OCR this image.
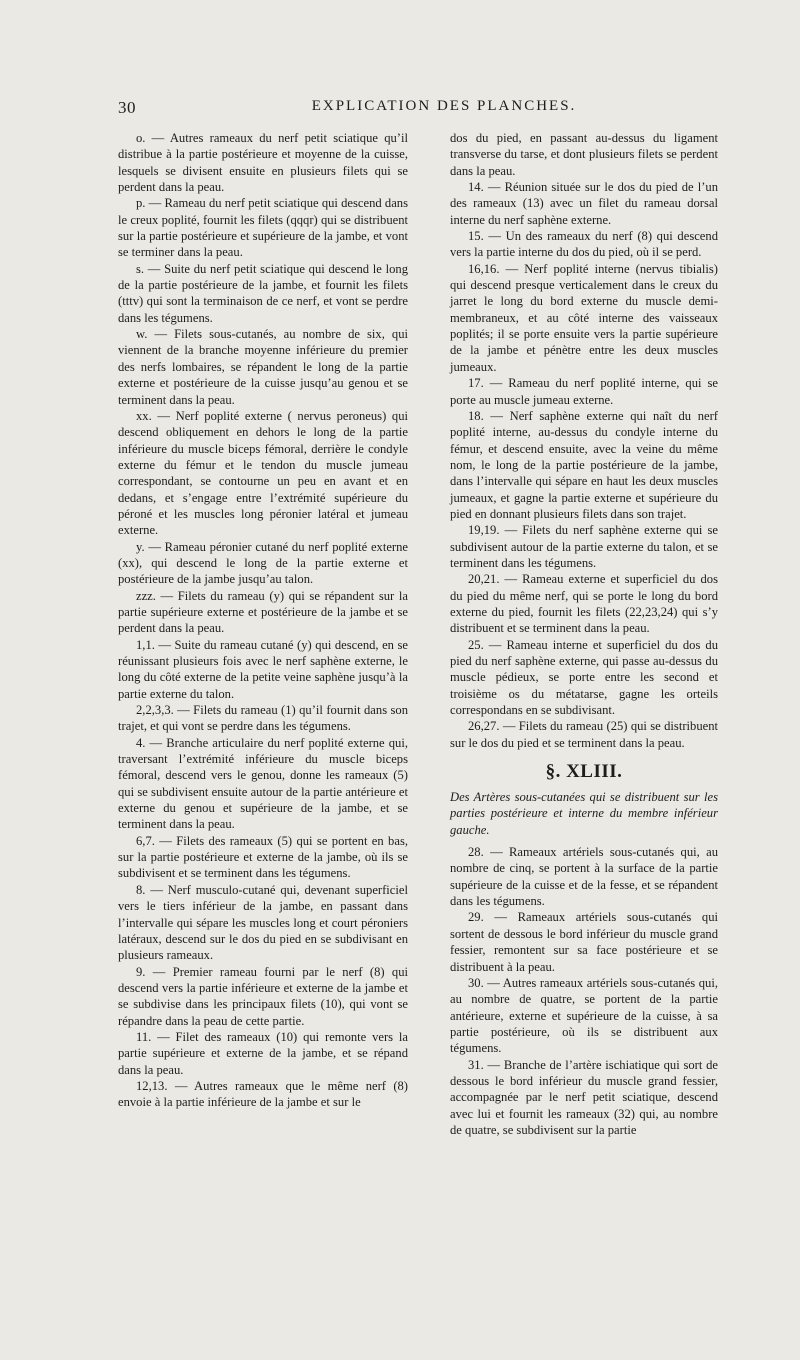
30	EXPLICATION DES PLANCHES.

o. — Autres rameaux du nerf petit sciatique qu’il distribue à la partie postérieure et moyenne de la cuisse, lesquels se divisent ensuite en plusieurs filets qui se perdent dans la peau.

p. — Rameau du nerf petit sciatique qui descend dans le creux poplité, fournit les filets (qqqr) qui se distribuent sur la partie postérieure et supérieure de la jambe, et vont se terminer dans la peau.

s. — Suite du nerf petit sciatique qui descend le long de la partie postérieure de la jambe, et fournit les filets (tttv) qui sont la terminaison de ce nerf, et vont se perdre dans les tégumens.

w. — Filets sous-cutanés, au nombre de six, qui viennent de la branche moyenne inférieure du premier des nerfs lombaires, se répandent le long de la partie externe et postérieure de la cuisse jusqu’au genou et se terminent dans la peau.

xx. — Nerf poplité externe ( nervus peroneus) qui descend obliquement en dehors le long de la partie inférieure du muscle biceps fémoral, derrière le condyle externe du fémur et le tendon du muscle jumeau correspondant, se contourne un peu en avant et en dedans, et s’engage entre l’extrémité supérieure du péroné et les muscles long péronier latéral et jumeau externe.

y. — Rameau péronier cutané du nerf poplité externe (xx), qui descend le long de la partie externe et postérieure de la jambe jusqu’au talon.

zzz. — Filets du rameau (y) qui se répandent sur la partie supérieure externe et postérieure de la jambe et se perdent dans la peau.

1,1. — Suite du rameau cutané (y) qui descend, en se réunissant plusieurs fois avec le nerf saphène externe, le long du côté externe de la petite veine saphène jusqu’à la partie externe du talon.

2,2,3,3. — Filets du rameau (1) qu’il fournit dans son trajet, et qui vont se perdre dans les tégumens.

4. — Branche articulaire du nerf poplité externe qui, traversant l’extrémité inférieure du muscle biceps fémoral, descend vers le genou, donne les rameaux (5) qui se subdivisent ensuite autour de la partie antérieure et externe du genou et supérieure de la jambe, et se terminent dans la peau.

6,7. — Filets des rameaux (5) qui se portent en bas, sur la partie postérieure et externe de la jambe, où ils se subdivisent et se terminent dans les tégumens.

8. — Nerf musculo-cutané qui, devenant superficiel vers le tiers inférieur de la jambe, en passant dans l’intervalle qui sépare les muscles long et court péroniers latéraux, descend sur le dos du pied en se subdivisant en plusieurs rameaux.

9. — Premier rameau fourni par le nerf (8) qui descend vers la partie inférieure et externe de la jambe et se subdivise dans les principaux filets (10), qui vont se répandre dans la peau de cette partie.

11. — Filet des rameaux (10) qui remonte vers la partie supérieure et externe de la jambe, et se répand dans la peau.

12,13. — Autres rameaux que le même nerf (8) envoie à la partie inférieure de la jambe et sur le

dos du pied, en passant au-dessus du ligament transverse du tarse, et dont plusieurs filets se perdent dans la peau.

14. — Réunion située sur le dos du pied de l’un des rameaux (13) avec un filet du rameau dorsal interne du nerf saphène externe.

15. — Un des rameaux du nerf (8) qui descend vers la partie interne du dos du pied, où il se perd.

16,16. — Nerf poplité interne (nervus tibialis) qui descend presque verticalement dans le creux du jarret le long du bord externe du muscle demi-membraneux, et au côté interne des vaisseaux poplités; il se porte ensuite vers la partie supérieure de la jambe et pénètre entre les deux muscles jumeaux.

17. — Rameau du nerf poplité interne, qui se porte au muscle jumeau externe.

18. — Nerf saphène externe qui naît du nerf poplité interne, au-dessus du condyle interne du fémur, et descend ensuite, avec la veine du même nom, le long de la partie postérieure de la jambe, dans l’intervalle qui sépare en haut les deux muscles jumeaux, et gagne la partie externe et supérieure du pied en donnant plusieurs filets dans son trajet.

19,19. — Filets du nerf saphène externe qui se subdivisent autour de la partie externe du talon, et se terminent dans les tégumens.

20,21. — Rameau externe et superficiel du dos du pied du même nerf, qui se porte le long du bord externe du pied, fournit les filets (22,23,24) qui s’y distribuent et se terminent dans la peau.

25. — Rameau interne et superficiel du dos du pied du nerf saphène externe, qui passe au-dessus du muscle pédieux, se porte entre les second et troisième os du métatarse, gagne les orteils correspondans en se subdivisant.

26,27. — Filets du rameau (25) qui se distribuent sur le dos du pied et se terminent dans la peau.

§. XLIII.

Des Artères sous-cutanées qui se distribuent sur les parties postérieure et interne du membre inférieur gauche.

28. — Rameaux artériels sous-cutanés qui, au nombre de cinq, se portent à la surface de la partie supérieure de la cuisse et de la fesse, et se répandent dans les tégumens.

29. — Rameaux artériels sous-cutanés qui sortent de dessous le bord inférieur du muscle grand fessier, remontent sur sa face postérieure et se distribuent à la peau.

30. — Autres rameaux artériels sous-cutanés qui, au nombre de quatre, se portent de la partie antérieure, externe et supérieure de la cuisse, à sa partie postérieure, où ils se distribuent aux tégumens.

31. — Branche de l’artère ischiatique qui sort de dessous le bord inférieur du muscle grand fessier, accompagnée par le nerf petit sciatique, descend avec lui et fournit les rameaux (32) qui, au nombre de quatre, se subdivisent sur la partie
